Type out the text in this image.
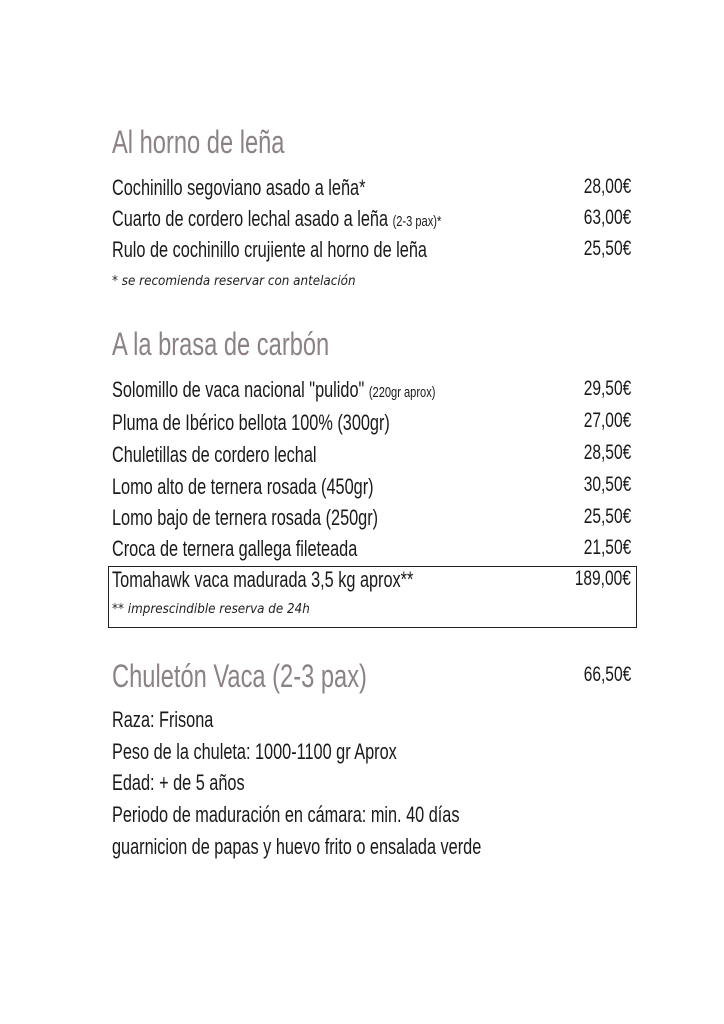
Al horno de leña
Cochinillo segoviano asado a leña*	28,00€
Cuarto de cordero lechal asado a leña (2-3 pax)*	63,00€
Rulo de cochinillo crujiente al horno de leña	25,50€
* se recomienda reservar con antelación
A la brasa de carbón
Solomillo de vaca nacional "pulido" (220gr aprox)	29,50€
Pluma de Ibérico bellota 100% (300gr)	27,00€
Chuletillas de cordero lechal	28,50€
Lomo alto de ternera rosada (450gr)	30,50€
Lomo bajo de ternera rosada (250gr)	25,50€
Croca de ternera gallega fileteada	21,50€
Tomahawk vaca madurada 3,5 kg aprox**	189,00€
** imprescindible reserva de 24h
Chuletón Vaca (2-3 pax)	66,50€
Raza: Frisona
Peso de la chuleta: 1000-1100 gr Aprox
Edad: + de 5 años
Periodo de maduración en cámara: min. 40 días
guarnicion de papas y huevo frito o ensalada verde
